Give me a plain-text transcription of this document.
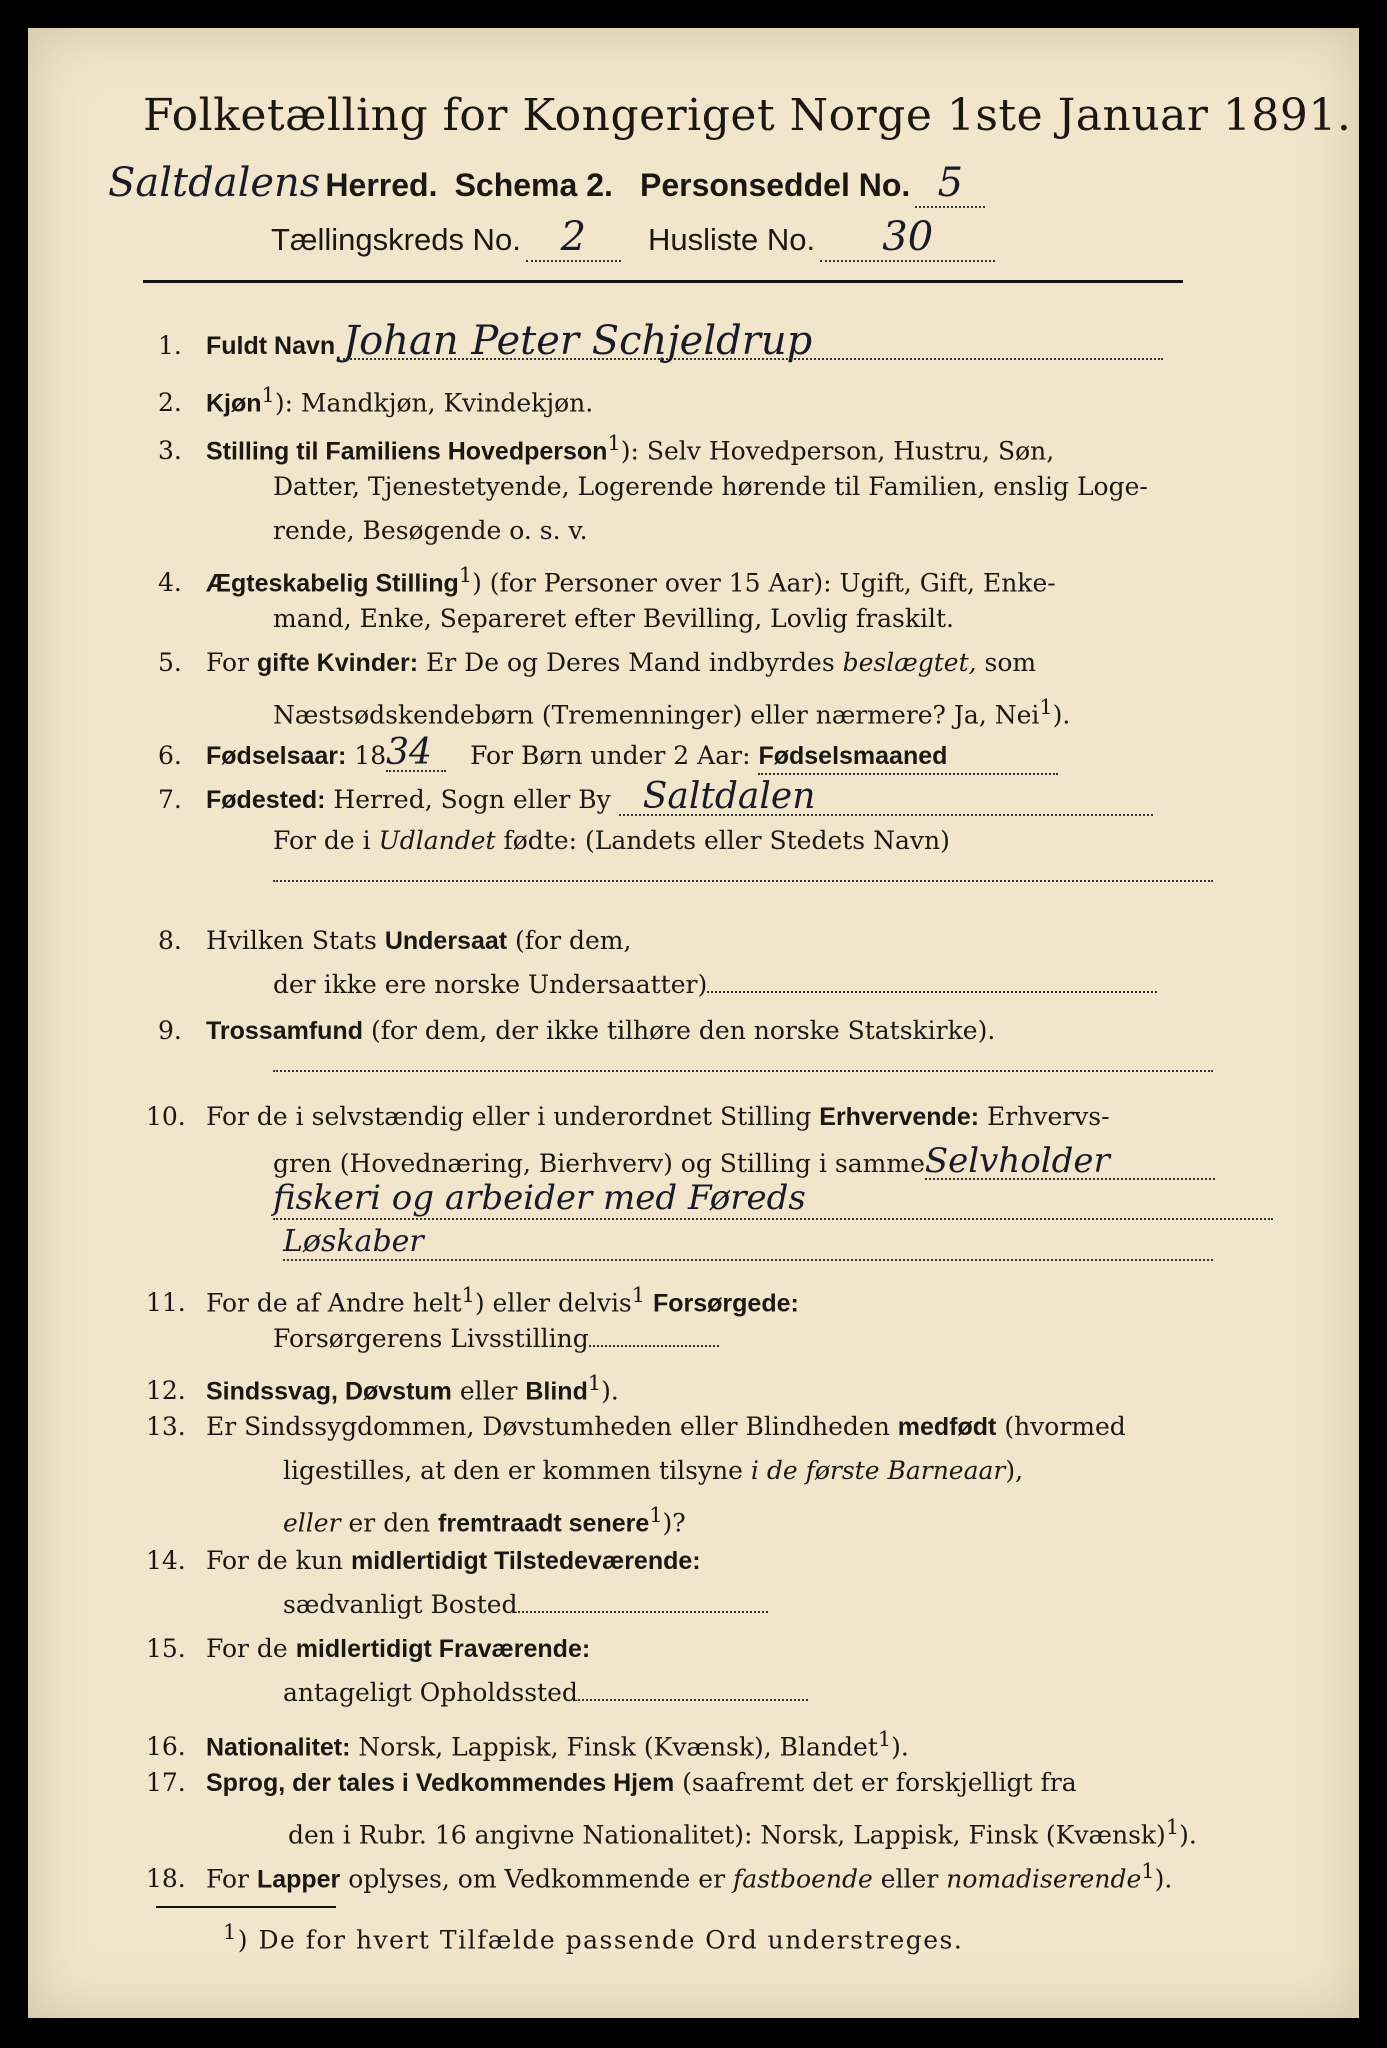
Folketælling for Kongeriget Norge 1ste Januar 1891.
Saltdalens Herred. Schema 2. Personseddel No. 5
Tællingskreds No. 2 Husliste No. 30
1. Fuldt Navn Johan Peter Schjeldrup
2. Kjøn$^1$): Mandkjøn, Kvindekjøn.
3. Stilling til Familiens Hovedperson$^1$): Selv Hovedperson, Hustru, Søn,
Datter, Tjenestetyende, Logerende hørende til Familien, enslig Loge-
rende, Besøgende o. s. v.
4. Ægteskabelig Stilling$^1$) (for Personer over 15 Aar): Ugift, Gift, Enke-
mand, Enke, Separeret efter Bevilling, Lovlig fraskilt.
5. For gifte Kvinder: Er De og Deres Mand indbyrdes beslægtet, som
Næstsødskendebørn (Tremenninger) eller nærmere? Ja, Nei$^1$).
6. Fødselsaar: 1834 For Børn under 2 Aar: Fødselsmaaned
7. Fødested: Herred, Sogn eller By Saltdalen
For de i Udlandet fødte: (Landets eller Stedets Navn)
8. Hvilken Stats Undersaat (for dem,
der ikke ere norske Undersaatter)
9. Trossamfund (for dem, der ikke tilhøre den norske Statskirke).
10. For de i selvstændig eller i underordnet Stilling Erhvervende: Erhvervs-
gren (Hovednæring, Bierhverv) og Stilling i sammeSelvholder
fiskeri og arbeider med Føreds
Løskaber
11. For de af Andre helt$^1$) eller delvis$^1$ Forsørgede:
Forsørgerens Livsstilling
12. Sindssvag, Døvstum eller Blind$^1$).
13. Er Sindssygdommen, Døvstumheden eller Blindheden medfødt (hvormed
ligestilles, at den er kommen tilsyne i de første Barneaar),
eller er den fremtraadt senere$^1$)?
14. For de kun midlertidigt Tilstedeværende:
sædvanligt Bosted
15. For de midlertidigt Fraværende:
antageligt Opholdssted
16. Nationalitet: Norsk, Lappisk, Finsk (Kvænsk), Blandet$^1$).
17. Sprog, der tales i Vedkommendes Hjem (saafremt det er forskjelligt fra
den i Rubr. 16 angivne Nationalitet): Norsk, Lappisk, Finsk (Kvænsk)$^1$).
18. For Lapper oplyses, om Vedkommende er fastboende eller nomadiserende$^1$).
$^1$) De for hvert Tilfælde passende Ord understreges.
